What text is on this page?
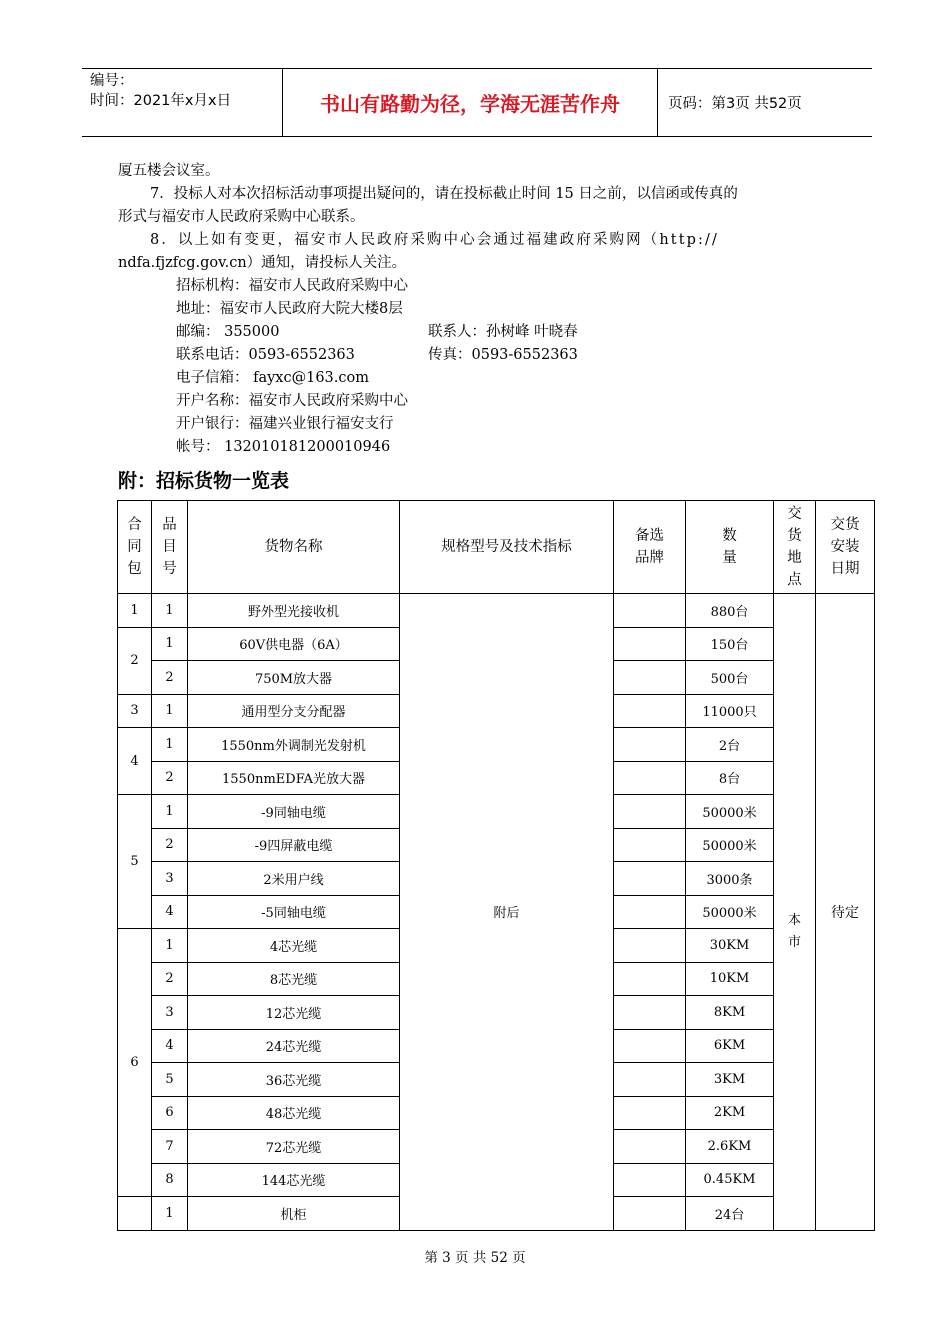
编号：
时间：2021年x月x日	书山有路勤为径，学海无涯苦作舟	页码：第3页 共52页

厦五楼会议室。

7．投标人对本次招标活动事项提出疑问的，请在投标截止时间 15 日之前，以信函或传真的

形式与福安市人民政府采购中心联系。

8．以上如有变更，福安市人民政府采购中心会通过福建政府采购网（http://

ndfa.fjzfcg.gov.cn）通知，请投标人关注。

招标机构：福安市人民政府采购中心

地址：福安市人民政府大院大楼8层

邮编： 355000	联系人：孙树峰 叶晓春
联系电话：0593-6552363	传真：0593-6552363

电子信箱： fayxc@163.com

开户名称：福安市人民政府采购中心

开户银行：福建兴业银行福安支行

帐号： 132010181200010946

附：招标货物一览表
合
同
包	品
目
号	货物名称	规格型号及技术指标	备选
品牌	数
量	交
货
地
点	交货
安装
日期
1	1	野外型光接收机	附后		880台	本
市	待定
2	1	60V供电器（6A）			150台		
	2	750M放大器			500台		
3	1	通用型分支分配器			11000只		
4	1	1550nm外调制光发射机			2台		
	2	1550nmEDFA光放大器			8台		
5	1	-9同轴电缆			50000米		
	2	-9四屏蔽电缆			50000米		
	3	2米用户线			3000条		
	4	-5同轴电缆			50000米		
6	1	4芯光缆			30KM		
	2	8芯光缆			10KM		
	3	12芯光缆			8KM		
	4	24芯光缆			6KM		
	5	36芯光缆			3KM		
	6	48芯光缆			2KM		
	7	72芯光缆			2.6KM		
	8	144芯光缆			0.45KM		
	1	机柜			24台		
第 3 页 共 52 页
